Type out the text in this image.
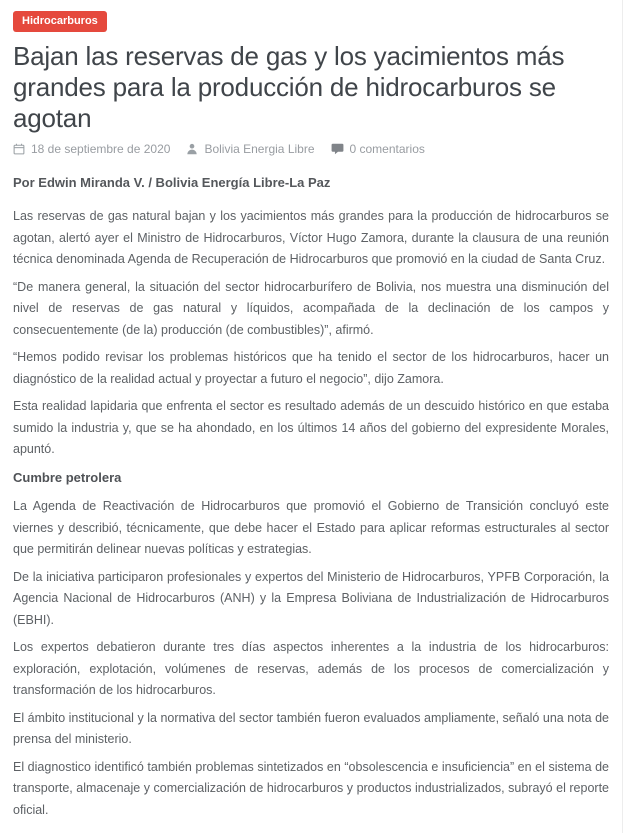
Hidrocarburos
Bajan las reservas de gas y los yacimientos más grandes para la producción de hidrocarburos se agotan
18 de septiembre de 2020	Bolivia Energia Libre	0 comentarios

Por Edwin Miranda V. / Bolivia Energía Libre-La Paz

Las reservas de gas natural bajan y los yacimientos más grandes para la producción de hidrocarburos se agotan, alertó ayer el Ministro de Hidrocarburos, Víctor Hugo Zamora, durante la clausura de una reunión técnica denominada Agenda de Recuperación de Hidrocarburos que promovió en la ciudad de Santa Cruz.

“De manera general, la situación del sector hidrocarburífero de Bolivia, nos muestra una disminución del nivel de reservas de gas natural y líquidos, acompañada de la declinación de los campos y consecuentemente (de la) producción (de combustibles)”, afirmó.

“Hemos podido revisar los problemas históricos que ha tenido el sector de los hidrocarburos, hacer un diagnóstico de la realidad actual y proyectar a futuro el negocio”, dijo Zamora.

Esta realidad lapidaria que enfrenta el sector es resultado además de un descuido histórico en que estaba sumido la industria y, que se ha ahondado, en los últimos 14 años del gobierno del expresidente Morales, apuntó.

Cumbre petrolera

La Agenda de Reactivación de Hidrocarburos que promovió el Gobierno de Transición concluyó este viernes y describió, técnicamente, que debe hacer el Estado para aplicar reformas estructurales al sector que permitirán delinear nuevas políticas y estrategias.

De la iniciativa participaron profesionales y expertos del Ministerio de Hidrocarburos, YPFB Corporación, la Agencia Nacional de Hidrocarburos (ANH) y la Empresa Boliviana de Industrialización de Hidrocarburos (EBHI).

Los expertos debatieron durante tres días aspectos inherentes a la industria de los hidrocarburos: exploración, explotación, volúmenes de reservas, además de los procesos de comercialización y transformación de los hidrocarburos.

El ámbito institucional y la normativa del sector también fueron evaluados ampliamente, señaló una nota de prensa del ministerio.

El diagnostico identificó también problemas sintetizados en “obsolescencia e insuficiencia” en el sistema de transporte, almacenaje y comercialización de hidrocarburos y productos industrializados, subrayó el reporte oficial.
